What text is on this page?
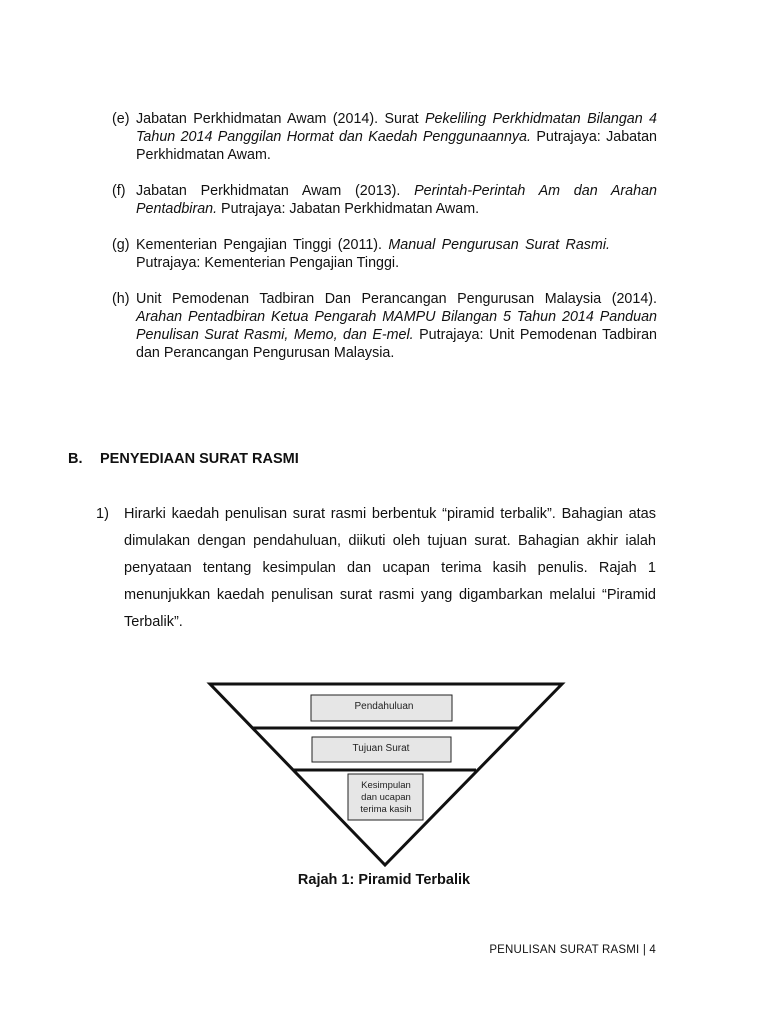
(e) Jabatan Perkhidmatan Awam (2014). Surat Pekeliling Perkhidmatan Bilangan 4 Tahun 2014 Panggilan Hormat dan Kaedah Penggunaannya. Putrajaya: Jabatan Perkhidmatan Awam.
(f) Jabatan Perkhidmatan Awam (2013). Perintah-Perintah Am dan Arahan Pentadbiran. Putrajaya: Jabatan Perkhidmatan Awam.
(g) Kementerian Pengajian Tinggi (2011). Manual Pengurusan Surat Rasmi. Putrajaya: Kementerian Pengajian Tinggi.
(h) Unit Pemodenan Tadbiran Dan Perancangan Pengurusan Malaysia (2014). Arahan Pentadbiran Ketua Pengarah MAMPU Bilangan 5 Tahun 2014 Panduan Penulisan Surat Rasmi, Memo, dan E-mel. Putrajaya: Unit Pemodenan Tadbiran dan Perancangan Pengurusan Malaysia.
B. PENYEDIAAN SURAT RASMI
1) Hirarki kaedah penulisan surat rasmi berbentuk “piramid terbalik”. Bahagian atas dimulakan dengan pendahuluan, diikuti oleh tujuan surat. Bahagian akhir ialah penyataan tentang kesimpulan dan ucapan terima kasih penulis. Rajah 1 menunjukkan kaedah penulisan surat rasmi yang digambarkan melalui “Piramid Terbalik”.
Pendahuluan
Tujuan Surat
Kesimpulan
dan ucapan
terima kasih
Rajah 1: Piramid Terbalik
PENULISAN SURAT RASMI | 4
